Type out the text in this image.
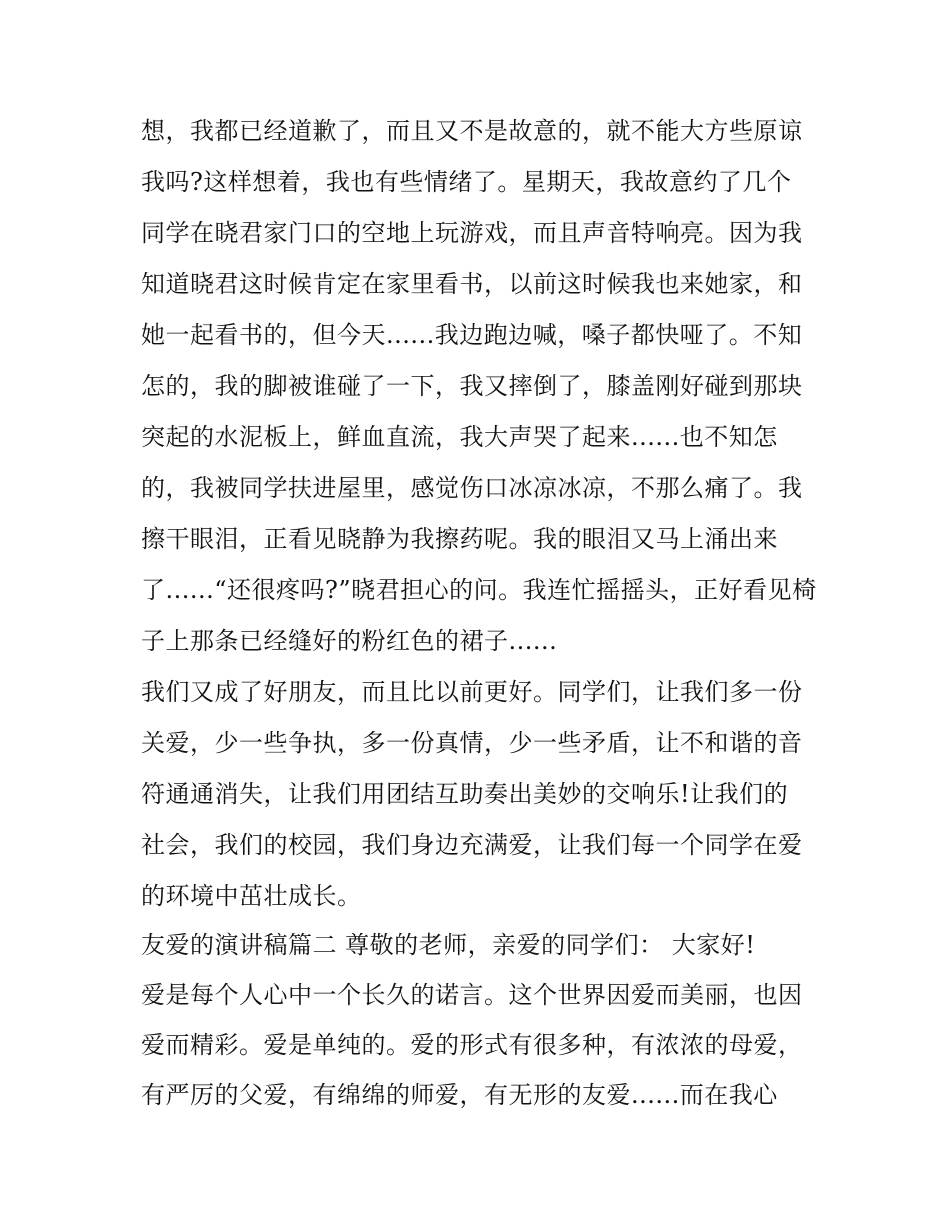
想，我都已经道歉了，而且又不是故意的，就不能大方些原谅
我吗?这样想着，我也有些情绪了。星期天，我故意约了几个
同学在晓君家门口的空地上玩游戏，而且声音特响亮。因为我
知道晓君这时候肯定在家里看书，以前这时候我也来她家，和
她一起看书的，但今天......我边跑边喊，嗓子都快哑了。不知
怎的，我的脚被谁碰了一下，我又摔倒了，膝盖刚好碰到那块
突起的水泥板上，鲜血直流，我大声哭了起来......也不知怎
的，我被同学扶进屋里，感觉伤口冰凉冰凉，不那么痛了。我
擦干眼泪，正看见晓静为我擦药呢。我的眼泪又马上涌出来
了......“还很疼吗?”晓君担心的问。我连忙摇摇头，正好看见椅
子上那条已经缝好的粉红色的裙子......
我们又成了好朋友，而且比以前更好。同学们，让我们多一份
关爱，少一些争执，多一份真情，少一些矛盾，让不和谐的音
符通通消失，让我们用团结互助奏出美妙的交响乐!让我们的
社会，我们的校园，我们身边充满爱，让我们每一个同学在爱
的环境中茁壮成长。
友爱的演讲稿篇二 尊敬的老师，亲爱的同学们： 大家好!
爱是每个人心中一个长久的诺言。这个世界因爱而美丽，也因
爱而精彩。爱是单纯的。爱的形式有很多种，有浓浓的母爱，
有严厉的父爱，有绵绵的师爱，有无形的友爱......而在我心
